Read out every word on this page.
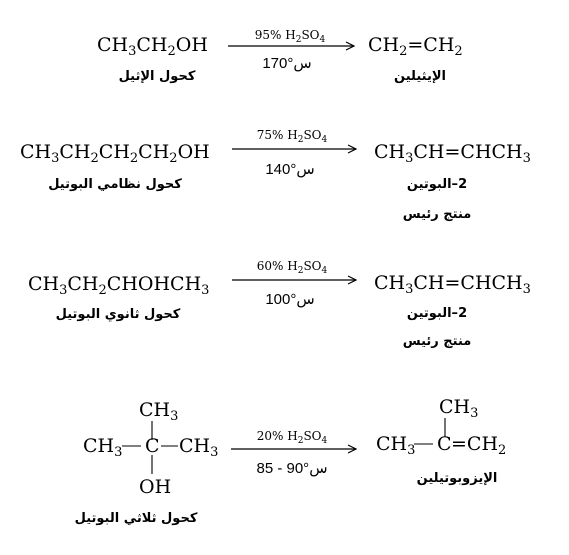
$CH_3CH_2OH$
كحول الإثيل
95% $H_2SO_4$
170°س
$CH_2=CH_2$
الإيثيلين
$CH_3CH_2CH_2CH_2OH$
كحول نظامي البوتيل
75% $H_2SO_4$
140°س
$CH_3CH=CHCH_3$
2–البوتين
منتج رئيس
$CH_3CH_2CHOHCH_3$
كحول ثانوي البوتيل
60% $H_2SO_4$
100°س
$CH_3CH=CHCH_3$
2–البوتين
منتج رئيس
$CH_3$
$CH_3$ C $CH_3$
OH
كحول ثلاثي البوتيل
20% $H_2SO_4$
85 - 90°س
$CH_3$
$CH_3$ $C =CH_2$
الإيزوبوتيلين
